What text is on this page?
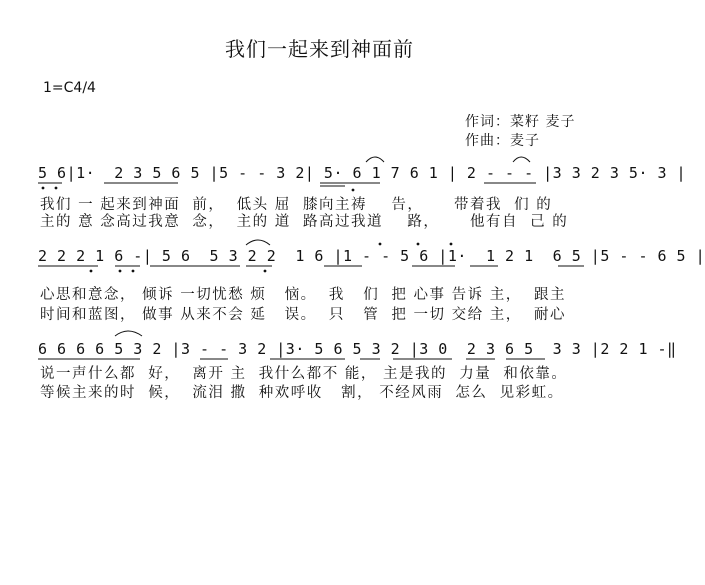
我们一起来到神面前
1=C4/4
作词：菜籽 麦子
作曲：麦子
5 6|1·  2 3 5 6 5 |5 - - 3 2| 5· 6 1 7 6 1 | 2 - - - |3 3 2 3 5· 3 |
我们 一 起来到神面  前，  低头 屈  膝向主祷    告，     带着我  们 的
主的 意 念高过我意  念，  主的 道  路高过我道    路，     他有自  己 的
2 2 2 1 6 -| 5 6  5 3 2 2  1 6 |1 - - 5 6 |1·  1 2 1  6 5 |5 - - 6 5 |
心思和意念， 倾诉 一切忧愁 烦   恼。  我   们  把 心事 告诉 主，  跟主
时间和蓝图， 做事 从来不会 延   误。  只   管  把 一切 交给 主，  耐心
6 6 6 6 5 3 2 |3 - - 3 2 |3· 5 6 5 3 2 |3 0  2 3 6 5  3 3 |2 2 1 -‖
说一声什么都  好，  离开 主  我什么都不 能， 主是我的  力量  和依靠。
等候主来的时  候，  流泪 撒  种欢呼收   割， 不经风雨  怎么  见彩虹。
